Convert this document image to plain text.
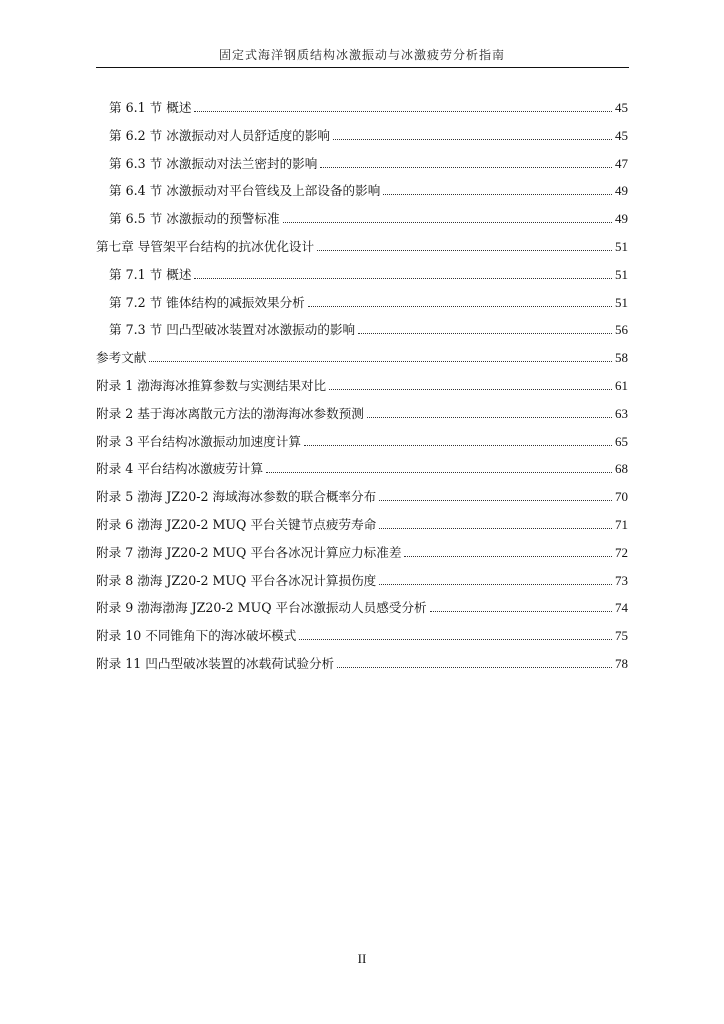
固定式海洋钢质结构冰激振动与冰激疲劳分析指南
第 6.1 节 概述	45
第 6.2 节 冰激振动对人员舒适度的影响	45
第 6.3 节 冰激振动对法兰密封的影响	47
第 6.4 节 冰激振动对平台管线及上部设备的影响	49
第 6.5 节 冰激振动的预警标准	49
第七章 导管架平台结构的抗冰优化设计	51
第 7.1 节 概述	51
第 7.2 节 锥体结构的减振效果分析	51
第 7.3 节 凹凸型破冰装置对冰激振动的影响	56
参考文献	58
附录 1 渤海海冰推算参数与实测结果对比	61
附录 2 基于海冰离散元方法的渤海海冰参数预测	63
附录 3 平台结构冰激振动加速度计算	65
附录 4 平台结构冰激疲劳计算	68
附录 5 渤海 JZ20-2 海域海冰参数的联合概率分布	70
附录 6 渤海 JZ20-2 MUQ 平台关键节点疲劳寿命	71
附录 7 渤海 JZ20-2 MUQ 平台各冰况计算应力标准差	72
附录 8 渤海 JZ20-2 MUQ 平台各冰况计算损伤度	73
附录 9 渤海渤海 JZ20-2 MUQ 平台冰激振动人员感受分析	74
附录 10 不同锥角下的海冰破坏模式	75
附录 11 凹凸型破冰装置的冰载荷试验分析	78
II
